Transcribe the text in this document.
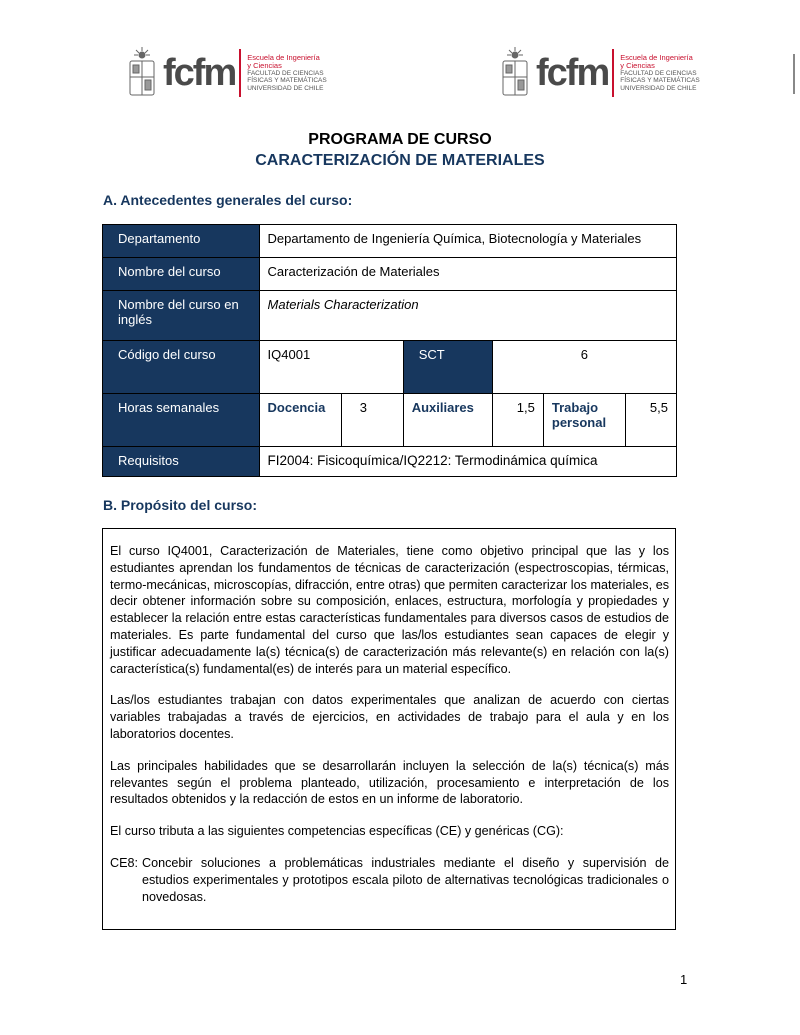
fcfm Escuela de Ingeniería
y Ciencias
FACULTAD DE CIENCIAS
FÍSICAS Y MATEMÁTICAS
UNIVERSIDAD DE CHILE	fcfm Escuela de Ingeniería
y Ciencias
FACULTAD DE CIENCIAS
FÍSICAS Y MATEMÁTICAS
UNIVERSIDAD DE CHILE
PROGRAMA DE CURSO
CARACTERIZACIÓN DE MATERIALES
A. Antecedentes generales del curso:
Departamento	Departamento de Ingeniería Química, Biotecnología y Materiales					
Nombre del curso	Caracterización de Materiales					
Nombre del curso en inglés	Materials Characterization					
Código del curso	IQ4001		SCT	6		
Horas semanales	Docencia	3	Auxiliares	1,5	Trabajo personal	5,5
Requisitos	FI2004: Fisicoquímica/IQ2212: Termodinámica química					
B. Propósito del curso:

El curso IQ4001, Caracterización de Materiales, tiene como objetivo principal que las y los estudiantes aprendan los fundamentos de técnicas de caracterización (espectroscopias, térmicas, termo-mecánicas, microscopías, difracción, entre otras) que permiten caracterizar los materiales, es decir obtener información sobre su composición, enlaces, estructura, morfología y propiedades y establecer la relación entre estas características fundamentales para diversos casos de estudios de materiales. Es parte fundamental del curso que las/los estudiantes sean capaces de elegir y justificar adecuadamente la(s) técnica(s) de caracterización más relevante(s) en relación con la(s) característica(s) fundamental(es) de interés para un material específico.

Las/los estudiantes trabajan con datos experimentales que analizan de acuerdo con ciertas variables trabajadas a través de ejercicios, en actividades de trabajo para el aula y en los laboratorios docentes.

Las principales habilidades que se desarrollarán incluyen la selección de la(s) técnica(s) más relevantes según el problema planteado, utilización, procesamiento e interpretación de los resultados obtenidos y la redacción de estos en un informe de laboratorio.

El curso tributa a las siguientes competencias específicas (CE) y genéricas (CG):

CE8: Concebir soluciones a problemáticas industriales mediante el diseño y supervisión de estudios experimentales y prototipos escala piloto de alternativas tecnológicas tradicionales o novedosas.
1
